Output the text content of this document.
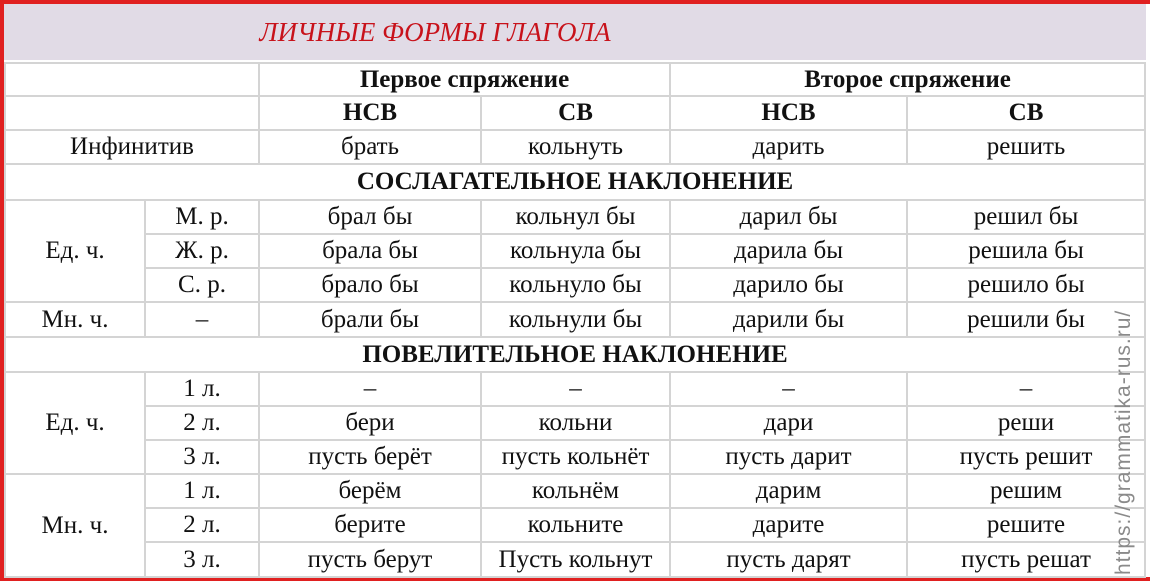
ЛИЧНЫЕ ФОРМЫ ГЛАГОЛА
		Первое спряжение		Второе спряжение	
		НСВ	СВ	НСВ	СВ
Инфинитив		брать	кольнуть	дарить	решить
СОСЛАГАТЕЛЬНОЕ НАКЛОНЕНИЕ					
Ед. ч.	М. р.	брал бы	кольнул бы	дарил бы	решил бы
	Ж. р.	брала бы	кольнула бы	дарила бы	решила бы
	С. р.	брало бы	кольнуло бы	дарило бы	решило бы
Мн. ч.	–	брали бы	кольнули бы	дарили бы	решили бы
ПОВЕЛИТЕЛЬНОЕ НАКЛОНЕНИЕ					
Ед. ч.	1 л.	–	–	–	–
	2 л.	бери	кольни	дари	реши
	3 л.	пусть берёт	пусть кольнёт	пусть дарит	пусть решит
Мн. ч.	1 л.	берём	кольнём	дарим	решим
	2 л.	берите	кольните	дарите	решите
	3 л.	пусть берут	Пусть кольнут	пусть дарят	пусть решат https://grammatika-rus.ru/
